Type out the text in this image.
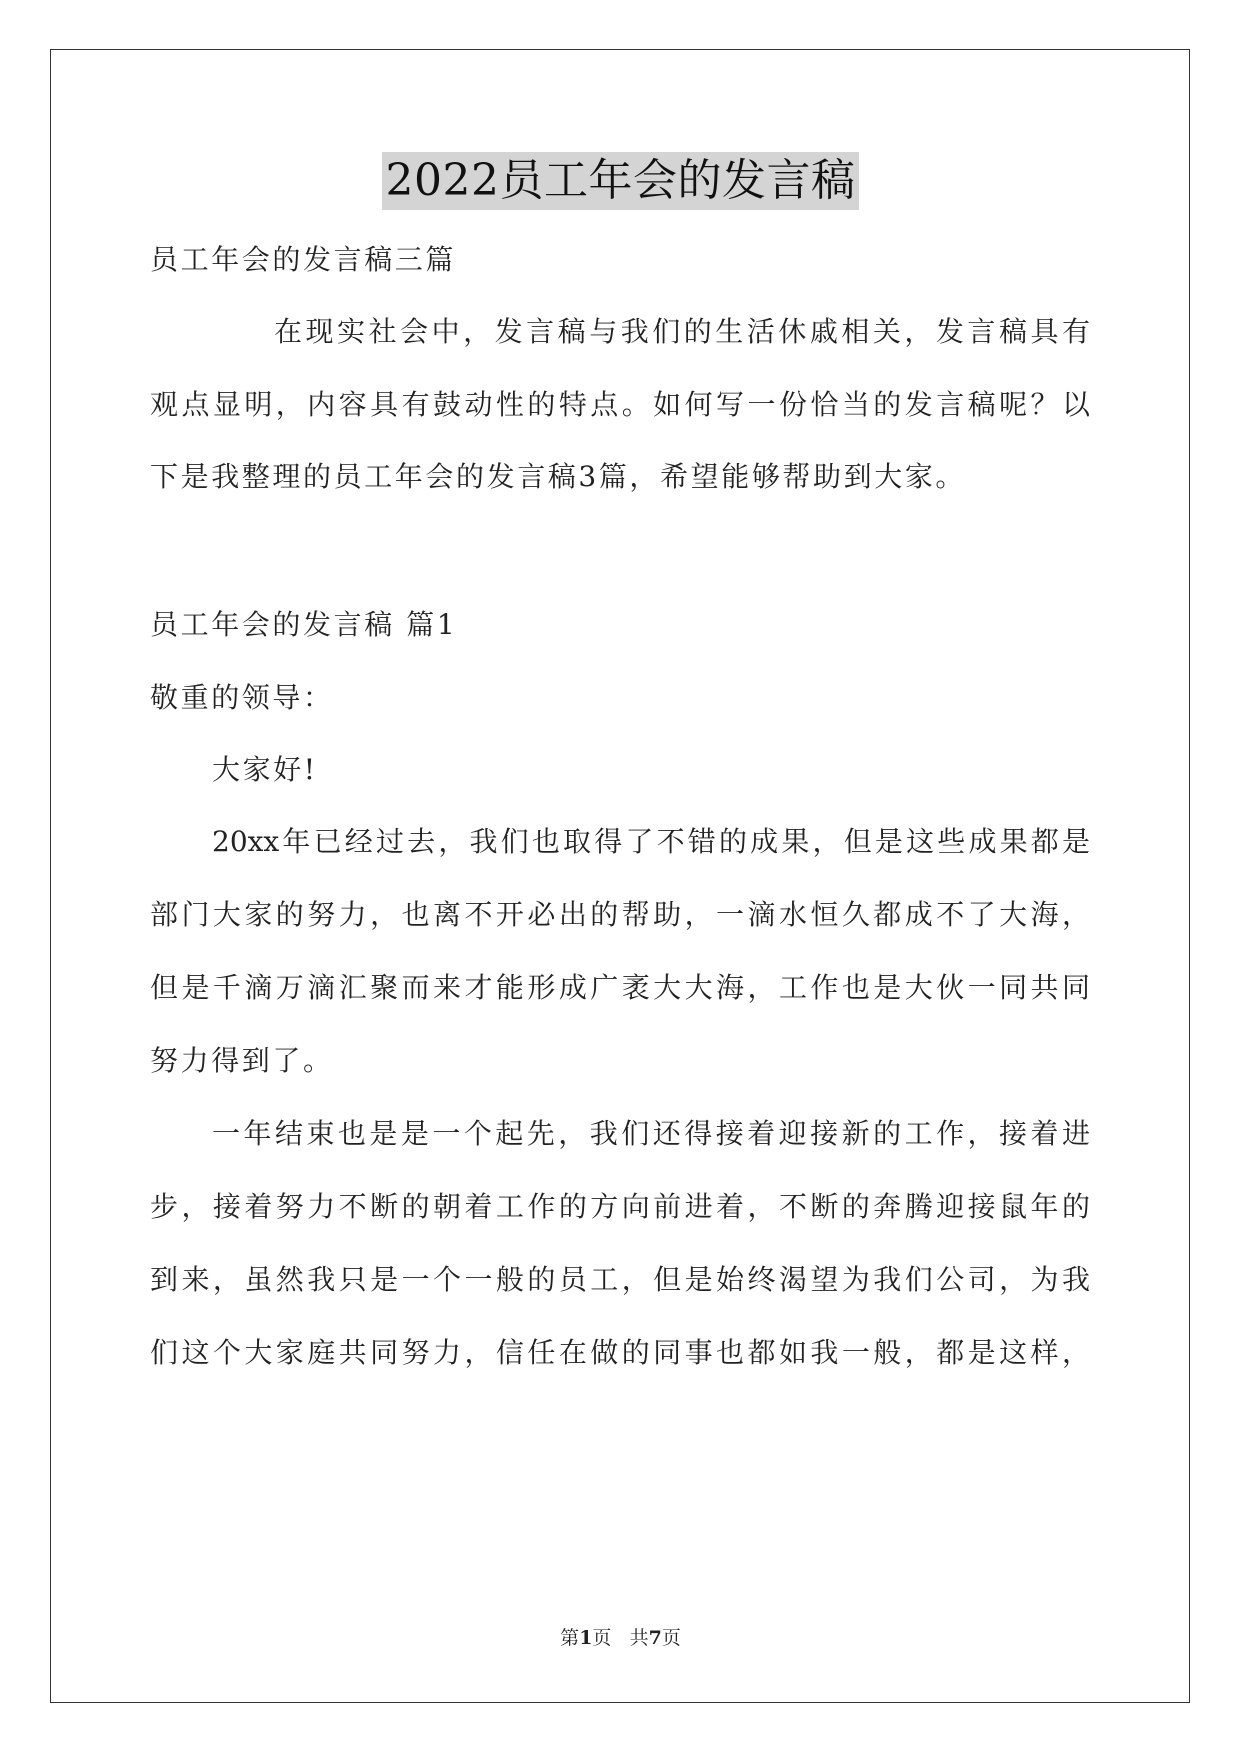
2022员工年会的发言稿
员工年会的发言稿三篇
在现实社会中，发言稿与我们的生活休戚相关，发言稿具有
观点显明，内容具有鼓动性的特点。如何写一份恰当的发言稿呢？以
下是我整理的员工年会的发言稿3篇，希望能够帮助到大家。
员工年会的发言稿 篇1
敬重的领导：
大家好!
20xx年已经过去，我们也取得了不错的成果，但是这些成果都是
部门大家的努力，也离不开必出的帮助，一滴水恒久都成不了大海，
但是千滴万滴汇聚而来才能形成广袤大大海，工作也是大伙一同共同
努力得到了。
一年结束也是是一个起先，我们还得接着迎接新的工作，接着进
步，接着努力不断的朝着工作的方向前进着，不断的奔腾迎接鼠年的
到来，虽然我只是一个一般的员工，但是始终渴望为我们公司，为我
们这个大家庭共同努力，信任在做的同事也都如我一般，都是这样，
第1页 共7页
